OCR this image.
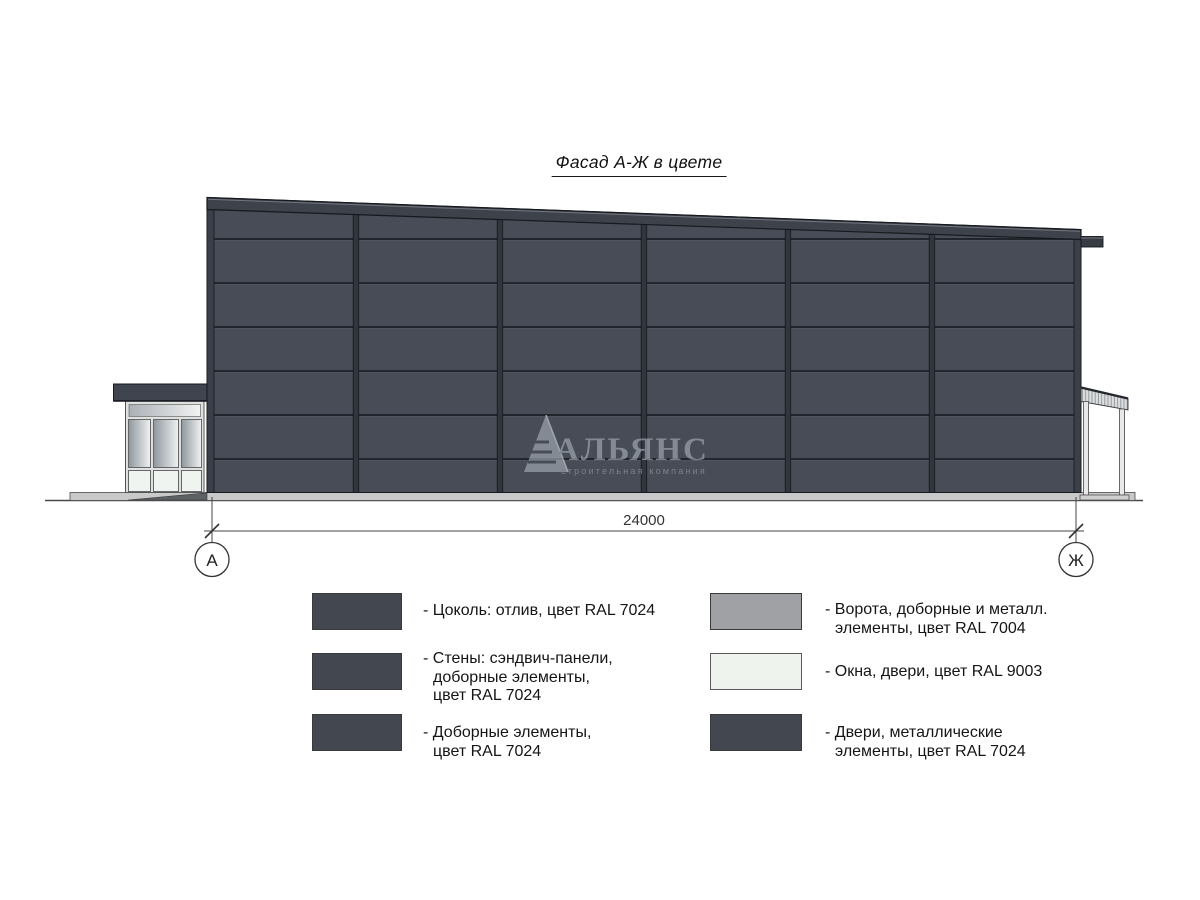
Фасад А-Ж в цвете
АЛЬЯНС
строительная компания
24000
А	Ж
- Цоколь: отлив, цвет RAL 7024
- Стены: сэндвич-панели,
доборные элементы,
цвет RAL 7024
- Доборные элементы,
цвет RAL 7024
- Ворота, доборные и металл.
элементы, цвет RAL 7004
- Окна, двери, цвет RAL 9003
- Двери, металлические
элементы, цвет RAL 7024
